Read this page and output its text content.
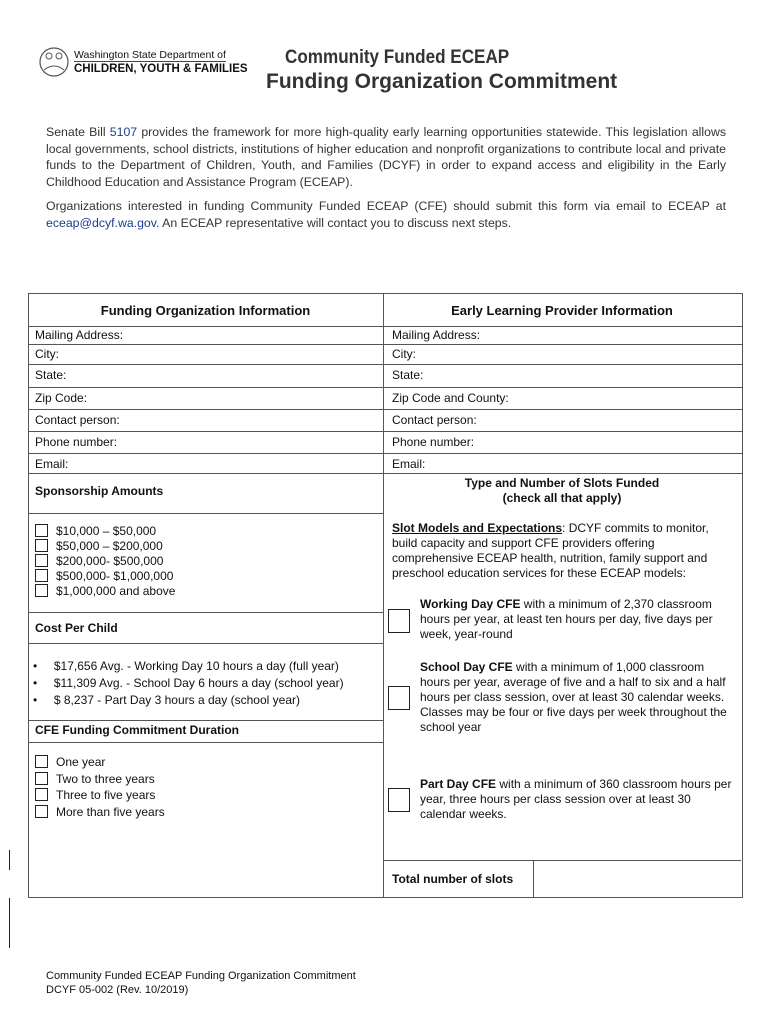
Washington State Department of
CHILDREN, YOUTH & FAMILIES
Community Funded ECEAP
Funding Organization Commitment
Senate Bill 5107 provides the framework for more high-quality early learning opportunities statewide. This legislation allows local governments, school districts, institutions of higher education and nonprofit organizations to contribute local and private funds to the Department of Children, Youth, and Families (DCYF) in order to expand access and eligibility in the Early Childhood Education and Assistance Program (ECEAP).
Organizations interested in funding Community Funded ECEAP (CFE) should submit this form via email to ECEAP at eceap@dcyf.wa.gov. An ECEAP representative will contact you to discuss next steps.
Funding Organization Information	Early Learning Provider Information
Mailing Address:
City:
State:
Zip Code:
Contact person:
Phone number:
Email:
Mailing Address:
City:
State:
Zip Code and County:
Contact person:
Phone number:
Email:
Sponsorship Amounts
$10,000 – $50,000
$50,000 – $200,000
$200,000- $500,000
$500,000- $1,000,000
$1,000,000 and above
Cost Per Child
•     $17,656 Avg. - Working Day 10 hours a day (full year)
•     $11,309 Avg. - School Day 6 hours a day (school year)
•     $ 8,237 - Part Day 3 hours a day (school year)
CFE Funding Commitment Duration
One year
Two to three years
Three to five years
More than five years
Type and Number of Slots Funded
(check all that apply)
Slot Models and Expectations: DCYF commits to monitor, build capacity and support CFE providers offering comprehensive ECEAP health, nutrition, family support and preschool education services for these ECEAP models:
Working Day CFE with a minimum of 2,370 classroom hours per year, at least ten hours per day, five days per week, year-round
School Day CFE with a minimum of 1,000 classroom hours per year, average of five and a half to six and a half hours per class session, over at least 30 calendar weeks. Classes may be four or five days per week throughout the school year
Part Day CFE with a minimum of 360 classroom hours per year, three hours per class session over at least 30 calendar weeks.
Total number of slots
Community Funded ECEAP Funding Organization Commitment
DCYF 05-002 (Rev. 10/2019)
